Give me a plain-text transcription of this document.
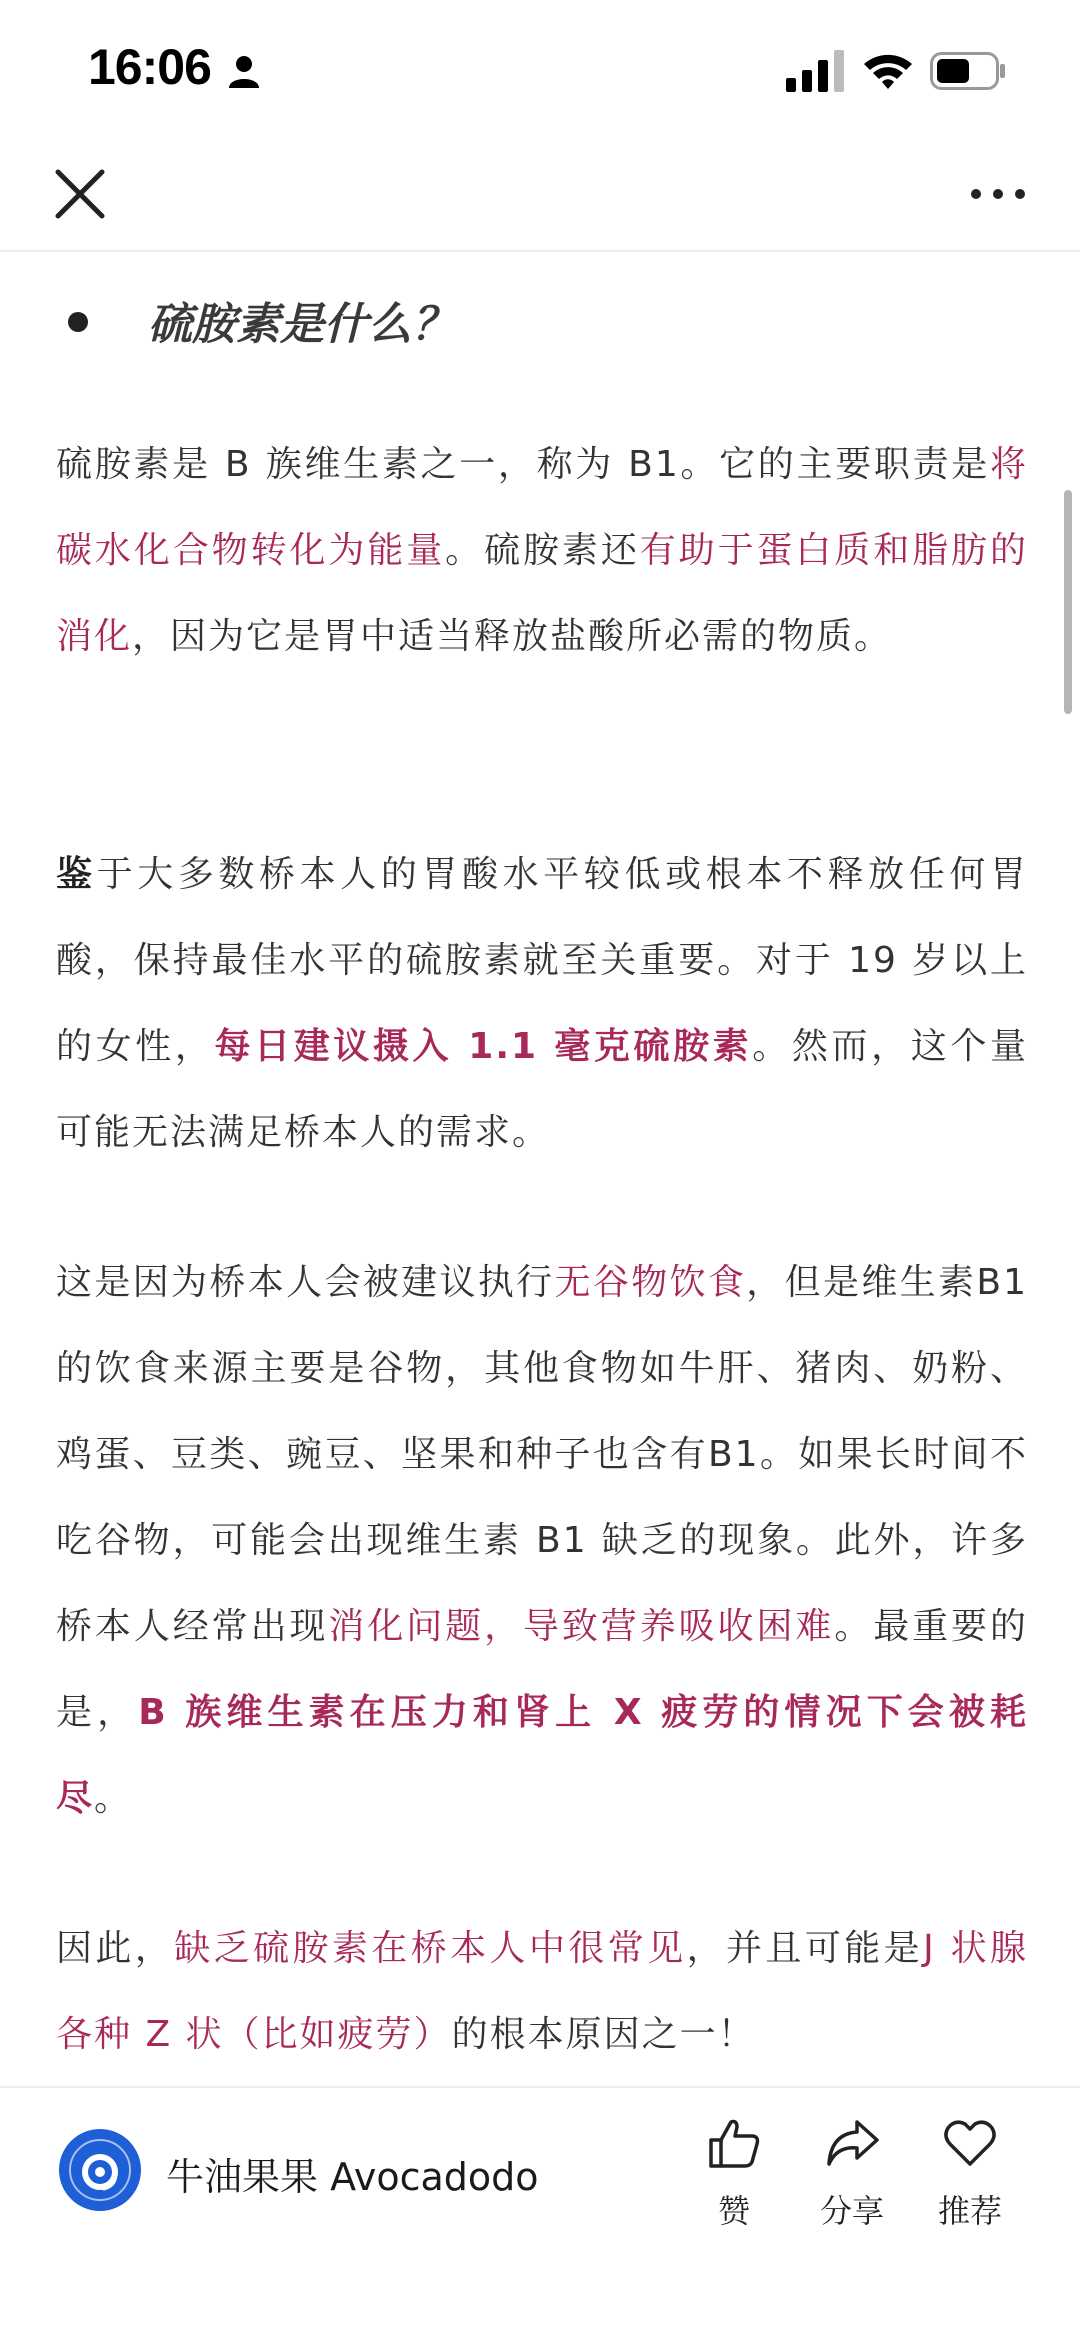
16:06
硫胺素是什么？

硫胺素是 B 族维生素之一，称为 B1。它的主要职责是将碳水化合物转化为能量。硫胺素还有助于蛋白质和脂肪的消化，因为它是胃中适当释放盐酸所必需的物质。

鉴于大多数桥本人的胃酸水平较低或根本不释放任何胃酸，保持最佳水平的硫胺素就至关重要。对于 19 岁以上的女性，每日建议摄入 1.1 毫克硫胺素。然而，这个量可能无法满足桥本人的需求。

这是因为桥本人会被建议执行无谷物饮食，但是维生素B1 的饮食来源主要是谷物，其他食物如牛肝、猪肉、奶粉、鸡蛋、豆类、豌豆、坚果和种子也含有B1。如果长时间不吃谷物，可能会出现维生素 B1 缺乏的现象。此外，许多桥本人经常出现消化问题，导致营养吸收困难。最重要的是，B 族维生素在压力和肾上 X 疲劳的情况下会被耗尽。

因此，缺乏硫胺素在桥本人中很常见，并且可能是J 状腺各种 Z 状（比如疲劳）的根本原因之一！

牛油果果 Avocadodo
赞	分享	推荐
